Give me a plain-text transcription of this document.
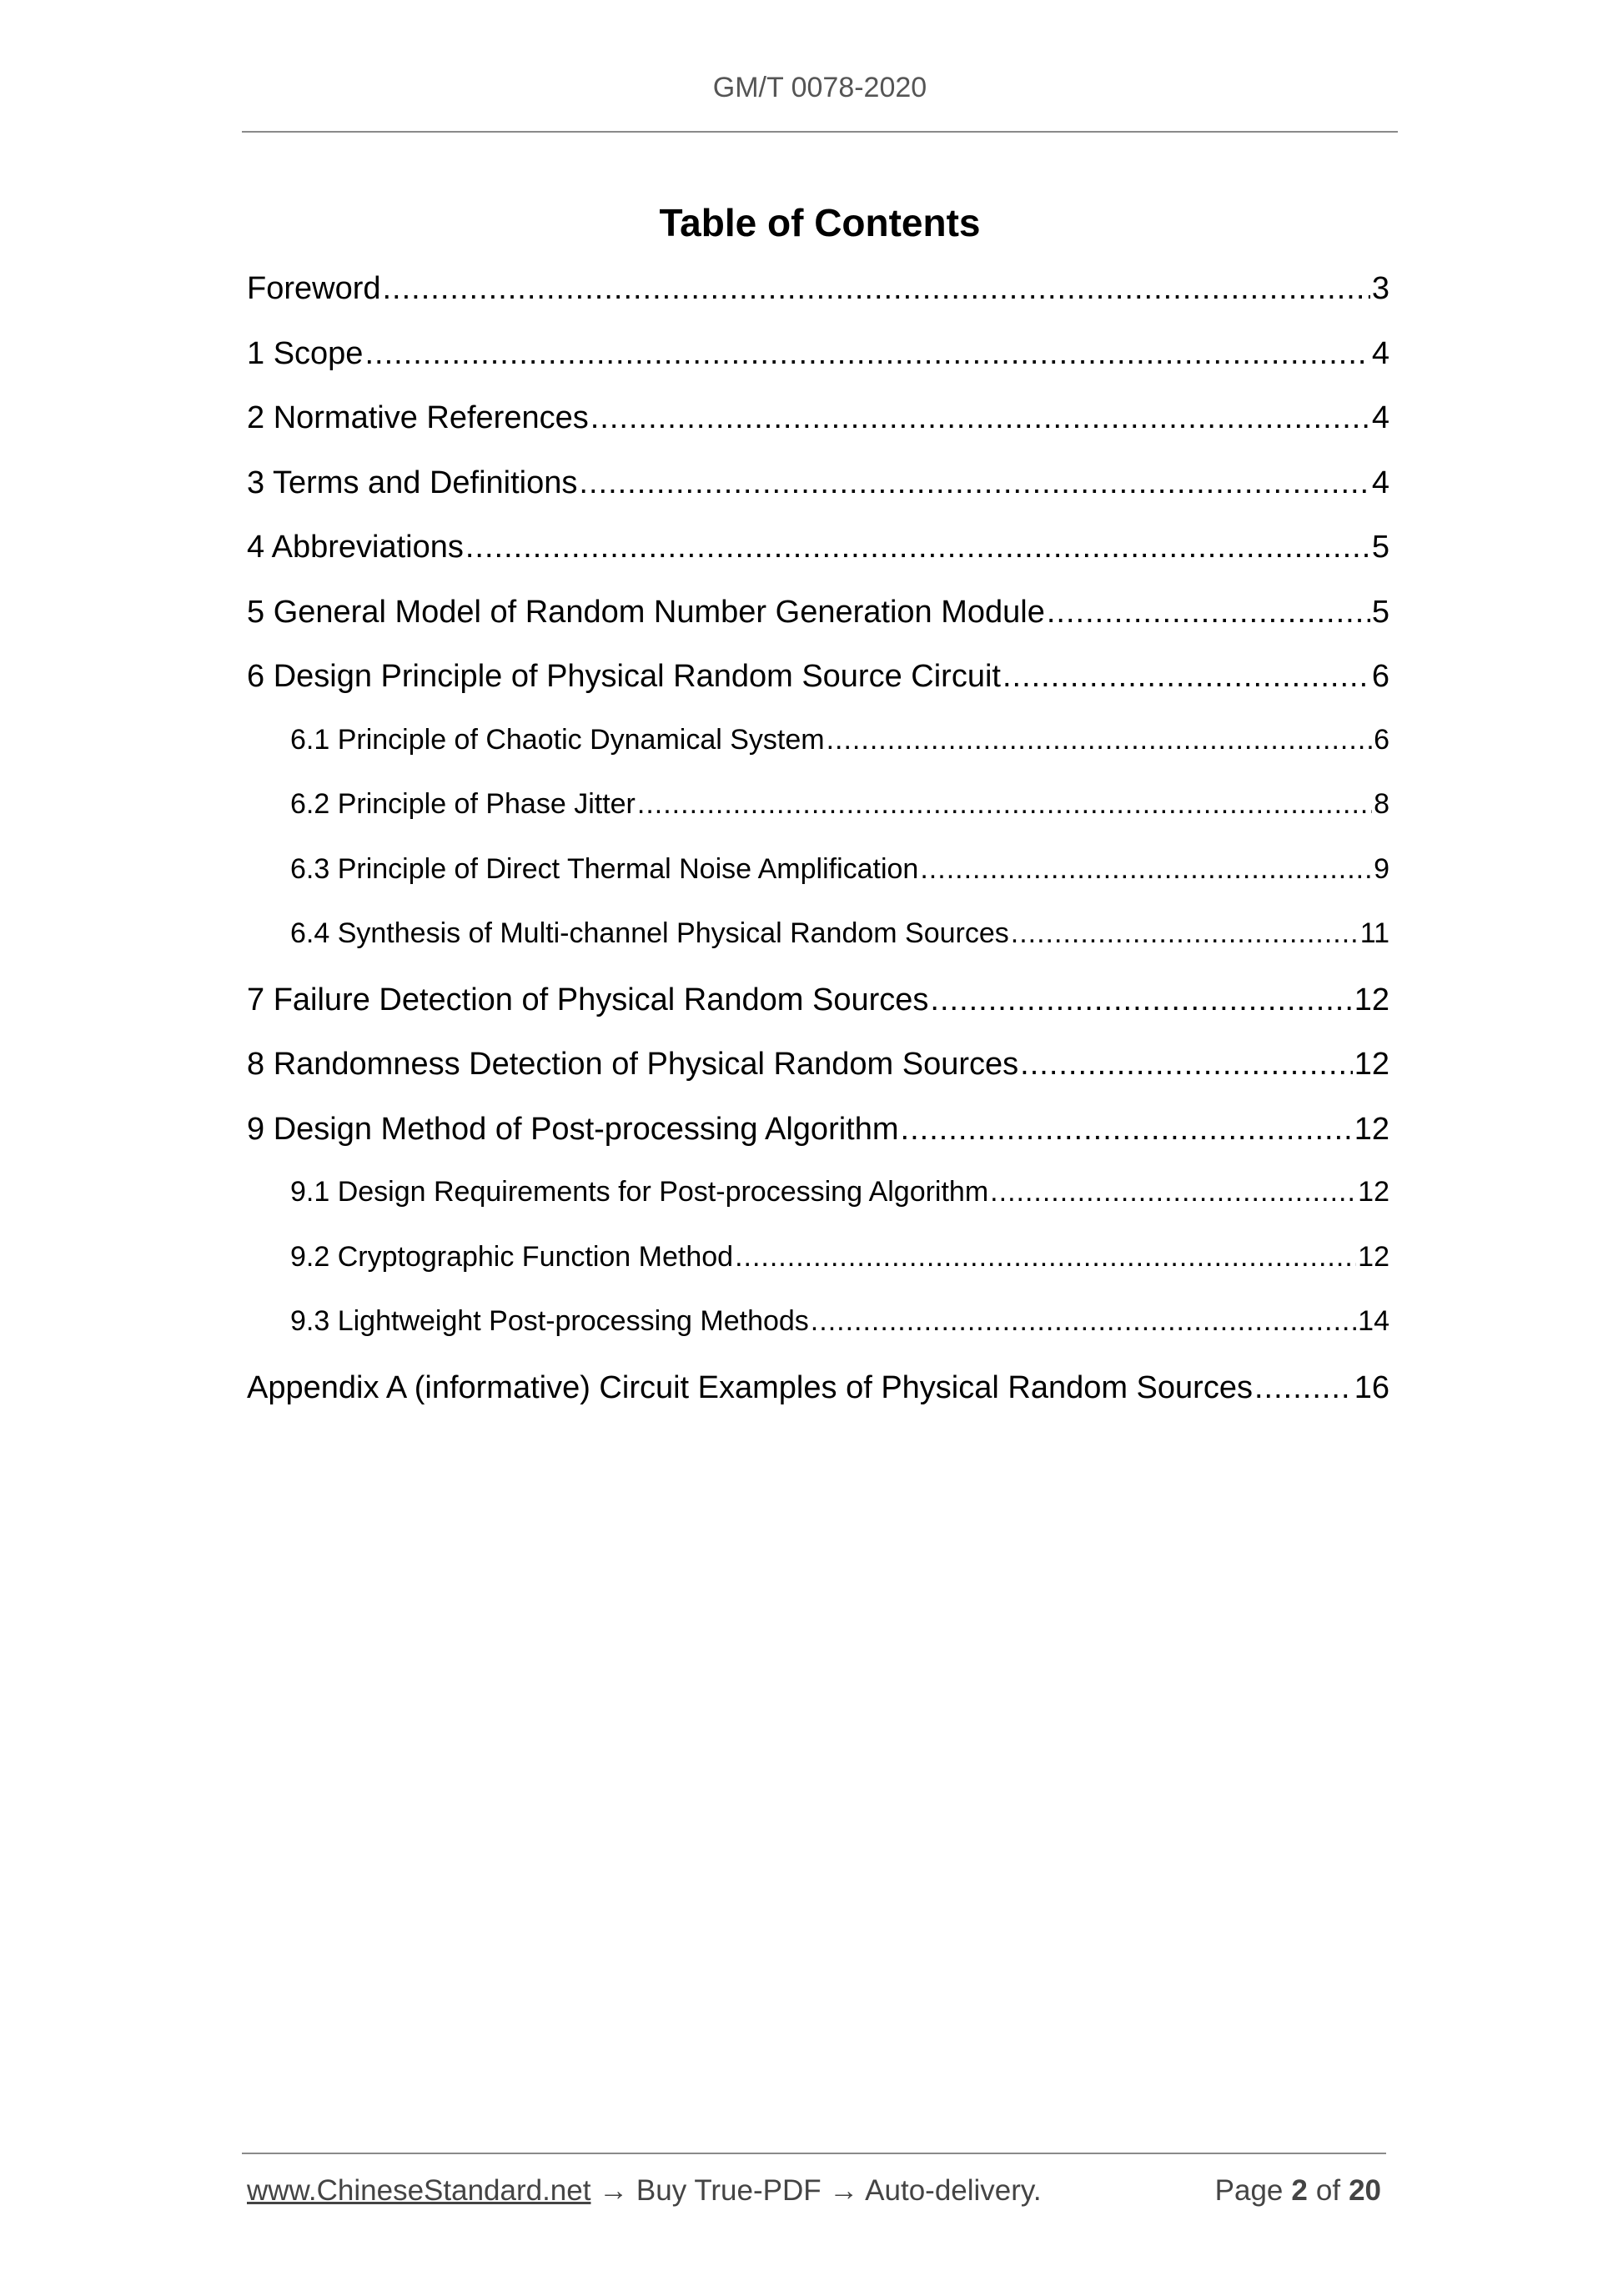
GM/T 0078-2020
Table of Contents
Foreword .....	3
1 Scope .....	4
2 Normative References .....	4
3 Terms and Definitions .....	4
4 Abbreviations .....	5
5 General Model of Random Number Generation Module .....	5
6 Design Principle of Physical Random Source Circuit .....	6
6.1 Principle of Chaotic Dynamical System .....	6
6.2 Principle of Phase Jitter .....	8
6.3 Principle of Direct Thermal Noise Amplification .....	9
6.4 Synthesis of Multi-channel Physical Random Sources .....	11
7 Failure Detection of Physical Random Sources .....	12
8 Randomness Detection of Physical Random Sources .....	12
9 Design Method of Post-processing Algorithm .....	12
9.1 Design Requirements for Post-processing Algorithm .....	12
9.2 Cryptographic Function Method .....	12
9.3 Lightweight Post-processing Methods .....	14
Appendix A (informative) Circuit Examples of Physical Random Sources .....	16
www.ChineseStandard.net → Buy True-PDF → Auto-delivery.	Page 2 of 20
